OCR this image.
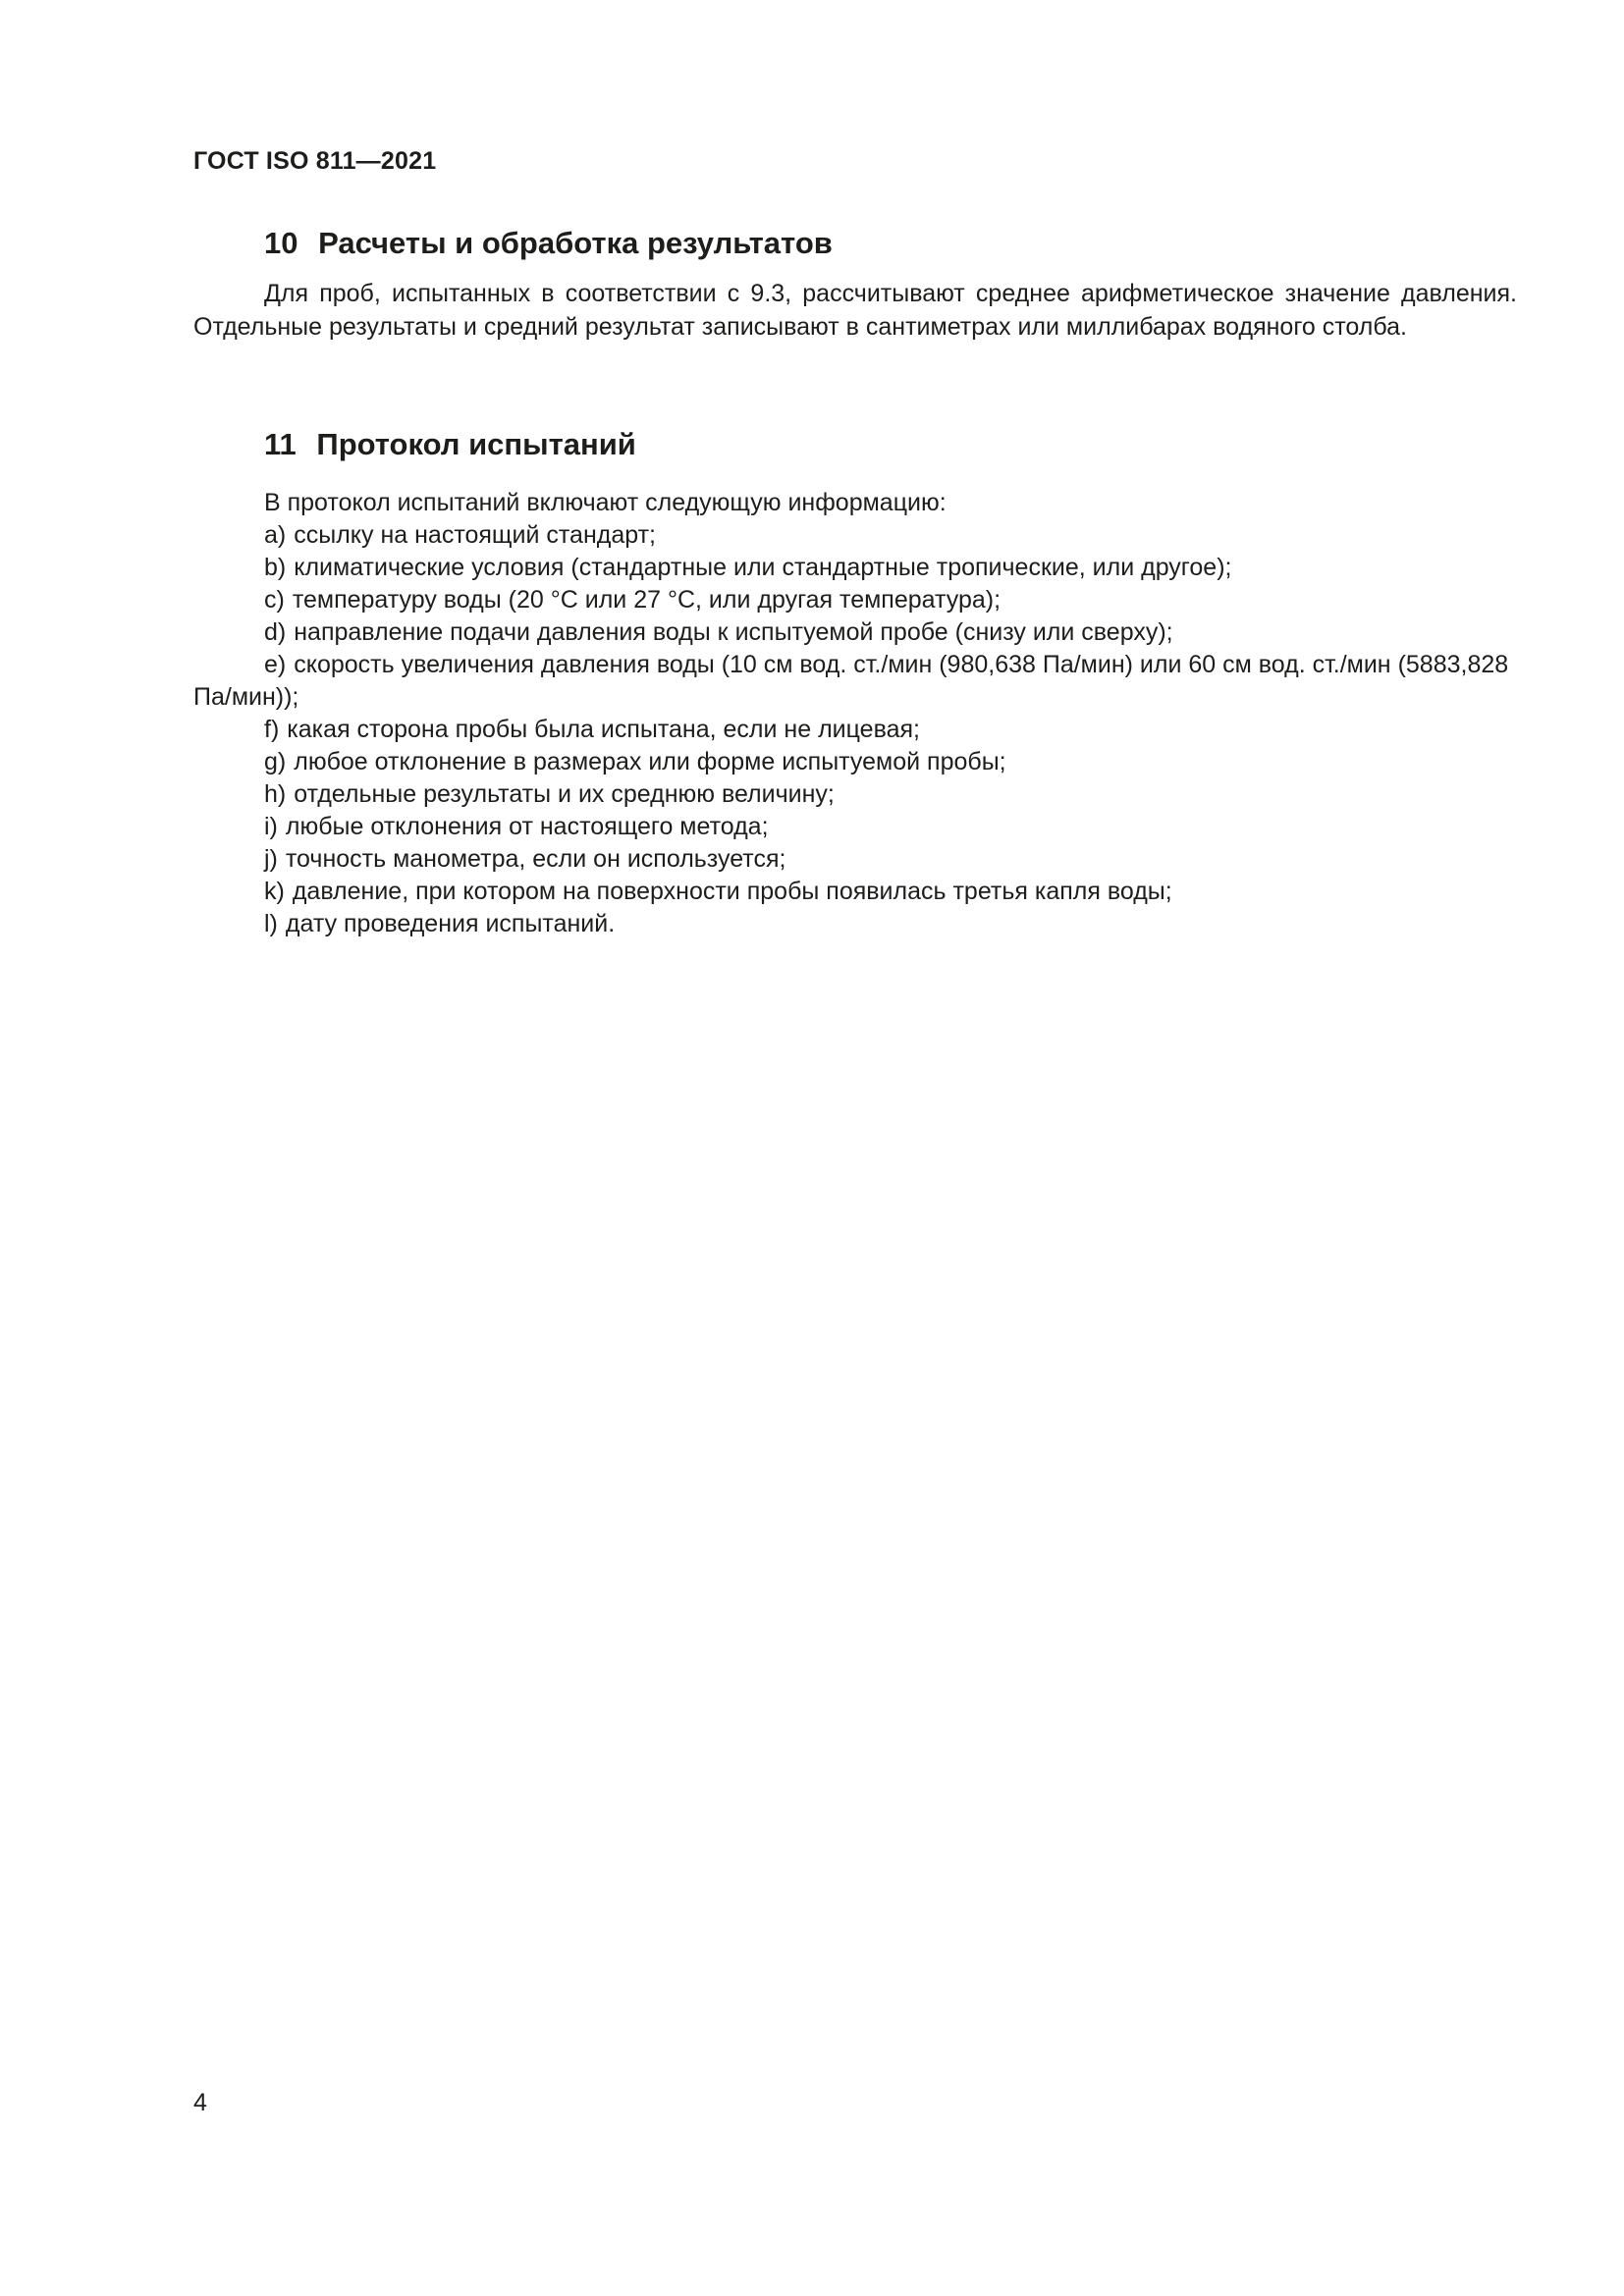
ГОСТ ISO 811—2021
10 Расчеты и обработка результатов

Для проб, испытанных в соответствии с 9.3, рассчитывают среднее арифметическое значение давления. Отдельные результаты и средний результат записывают в сантиметрах или миллибарах водяного столба.

11 Протокол испытаний

В протокол испытаний включают следующую информацию:

a) ссылку на настоящий стандарт;
b) климатические условия (стандартные или стандартные тропические, или другое);
c) температуру воды (20 °С или 27 °С, или другая температура);
d) направление подачи давления воды к испытуемой пробе (снизу или сверху);
e) скорость увеличения давления воды (10 см вод. ст./мин (980,638 Па/мин) или 60 см вод. ст./мин (5883,828 Па/мин));
f) какая сторона пробы была испытана, если не лицевая;
g) любое отклонение в размерах или форме испытуемой пробы;
h) отдельные результаты и их среднюю величину;
i) любые отклонения от настоящего метода;
j) точность манометра, если он используется;
k) давление, при котором на поверхности пробы появилась третья капля воды;
l) дату проведения испытаний.
4
